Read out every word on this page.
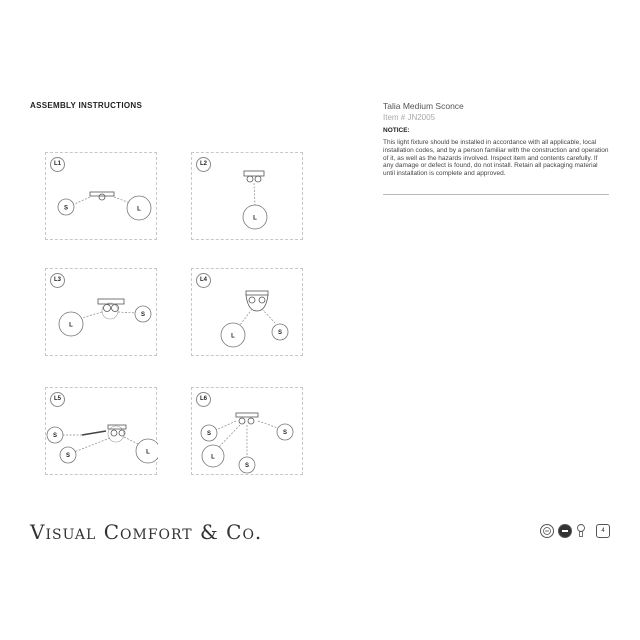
ASSEMBLY INSTRUCTIONS	Talia Medium Sconce
Item # JN2005
NOTICE:
This light fixture should be installed in accordance with all applicable, local installation codes, and by a person familiar with the construction and operation of it, as well as the hazards involved. Inspect item and contents carefully. If any damage or defect is found, do not install. Retain all packaging material until installation is complete and approved.
S	L
L1
L
L2
L
S
L3
L
S
L4
S
S
L
L5
S
L
S
S
L6
Visual Comfort & Co.	4
